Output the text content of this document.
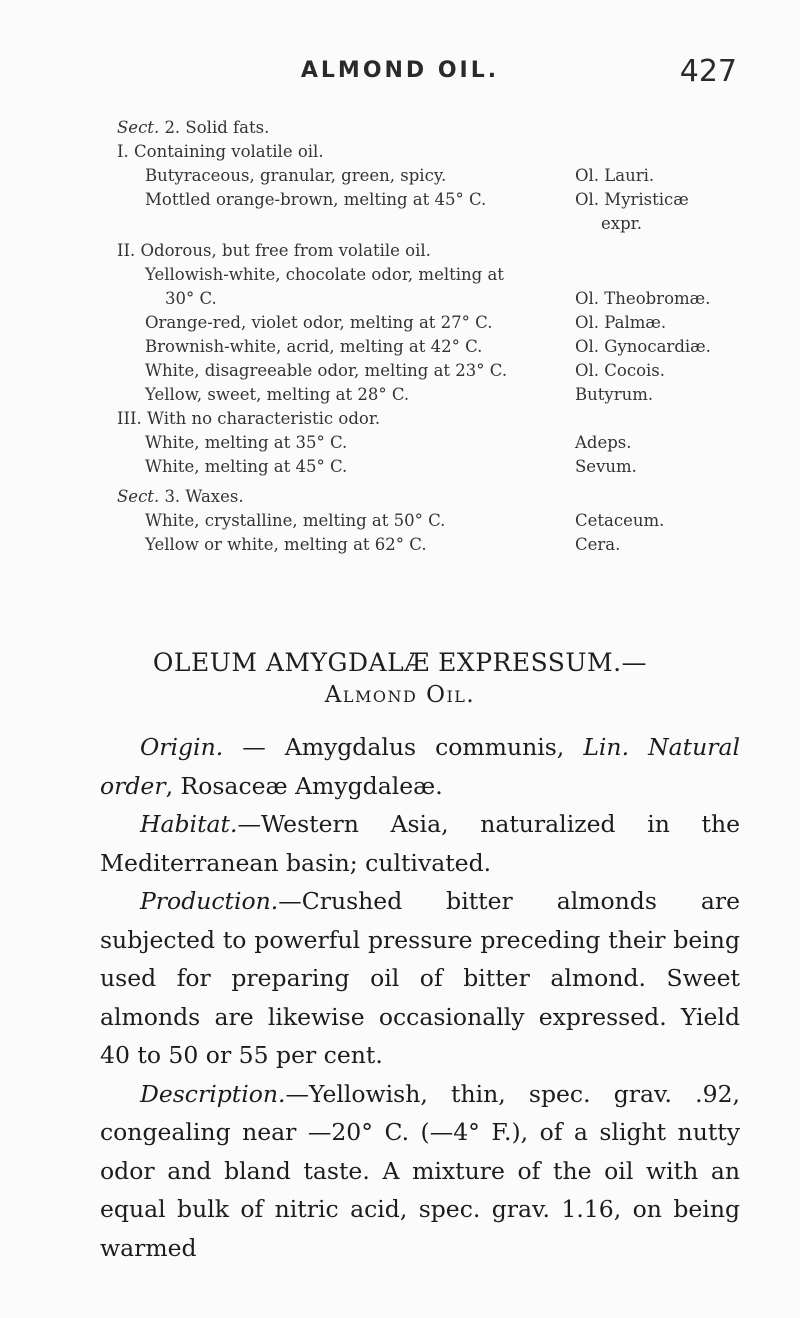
ALMOND OIL.	427
Sect. 2. Solid fats.
I. Containing volatile oil.
Butyraceous, granular, green, spicy.	Ol. Lauri.
Mottled orange-brown, melting at 45° C.	Ol. Myristicæ
expr.
II. Odorous, but free from volatile oil.
Yellowish-white, chocolate odor, melting at
30° C.	Ol. Theobromæ.
Orange-red, violet odor, melting at 27° C.	Ol. Palmæ.
Brownish-white, acrid, melting at 42° C.	Ol. Gynocardiæ.
White, disagreeable odor, melting at 23° C.	Ol. Cocois.
Yellow, sweet, melting at 28° C.	Butyrum.
III. With no characteristic odor.
White, melting at 35° C.	Adeps.
White, melting at 45° C.	Sevum.
Sect. 3. Waxes.
White, crystalline, melting at 50° C.	Cetaceum.
Yellow or white, melting at 62° C.	Cera.
OLEUM AMYGDALÆ EXPRESSUM.—
Almond Oil.

Origin. — Amygdalus communis, Lin. Natural order, Rosaceæ Amygdaleæ.

Habitat.—Western Asia, naturalized in the Mediterranean basin; cultivated.

Production.—Crushed bitter almonds are subjected to powerful pressure preceding their being used for preparing oil of bitter almond. Sweet almonds are likewise occasionally expressed. Yield 40 to 50 or 55 per cent.

Description.—Yellowish, thin, spec. grav. .92, congealing near —20° C. (—4° F.), of a slight nutty odor and bland taste. A mixture of the oil with an equal bulk of nitric acid, spec. grav. 1.16, on being warmed
